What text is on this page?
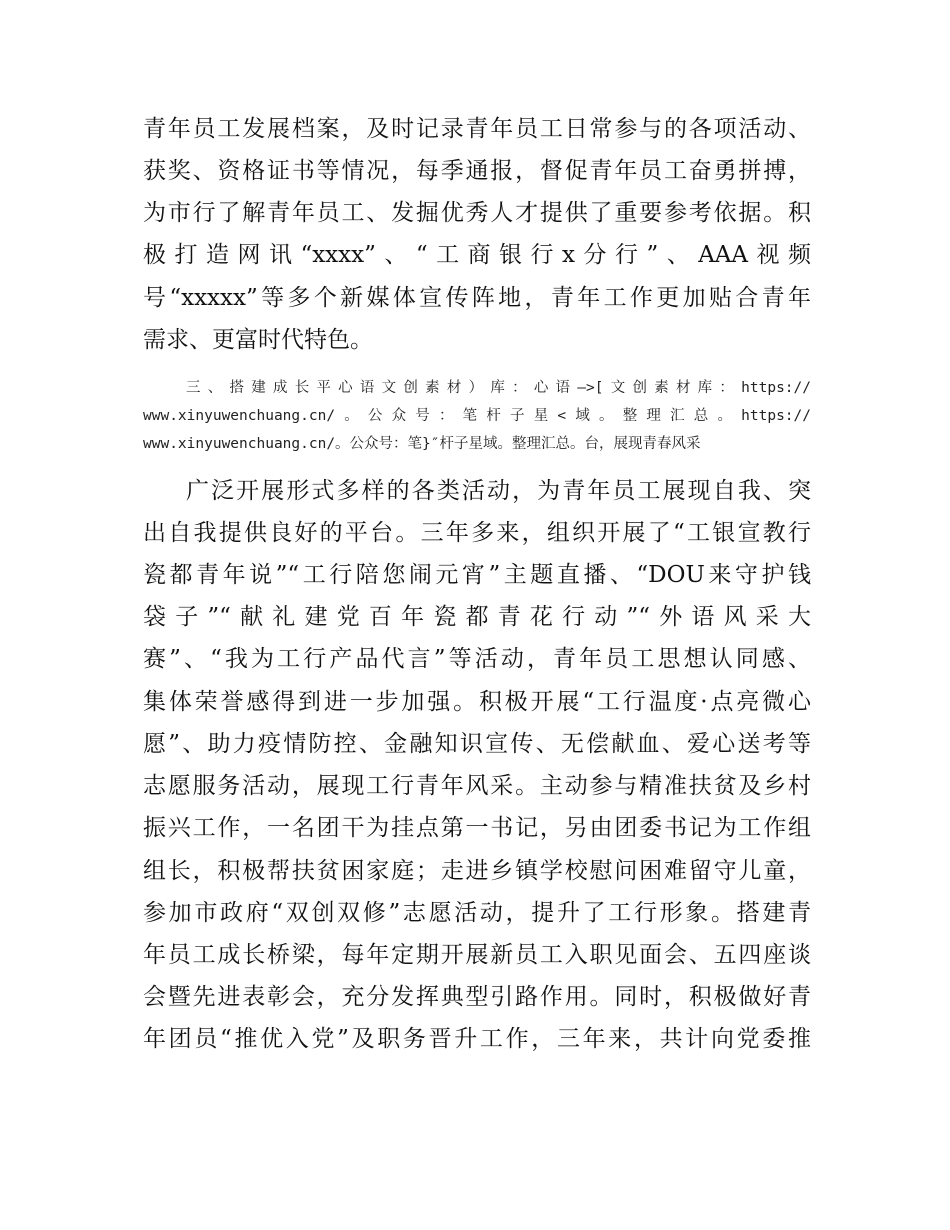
青年员工发展档案，及时记录青年员工日常参与的各项活动、
获奖、资格证书等情况，每季通报，督促青年员工奋勇拼搏，
为市行了解青年员工、发掘优秀人才提供了重要参考依据。积
极打造网讯“xxxx”、“工商银行x分行”、AAA视频
号“xxxxx”等多个新媒体宣传阵地，青年工作更加贴合青年
需求、更富时代特色。
三、搭建成长平心语文创素材）库：心语—>[文创素材库：https://
www.xinyuwenchuang.cn/。公众号：笔杆子星<域。整理汇总。https://
www.xinyuwenchuang.cn/。公众号：笔}″杆子星域。整理汇总。台，展现青春风采
广泛开展形式多样的各类活动，为青年员工展现自我、突
出自我提供良好的平台。三年多来，组织开展了“工银宣教行
瓷都青年说”“工行陪您闹元宵”主题直播、“DOU来守护钱
袋子”“献礼建党百年瓷都青花行动”“外语风采大
赛”、“我为工行产品代言”等活动，青年员工思想认同感、
集体荣誉感得到进一步加强。积极开展“工行温度·点亮微心
愿”、助力疫情防控、金融知识宣传、无偿献血、爱心送考等
志愿服务活动，展现工行青年风采。主动参与精准扶贫及乡村
振兴工作，一名团干为挂点第一书记，另由团委书记为工作组
组长，积极帮扶贫困家庭；走进乡镇学校慰问困难留守儿童，
参加市政府“双创双修”志愿活动，提升了工行形象。搭建青
年员工成长桥梁，每年定期开展新员工入职见面会、五四座谈
会暨先进表彰会，充分发挥典型引路作用。同时，积极做好青
年团员“推优入党”及职务晋升工作，三年来，共计向党委推
